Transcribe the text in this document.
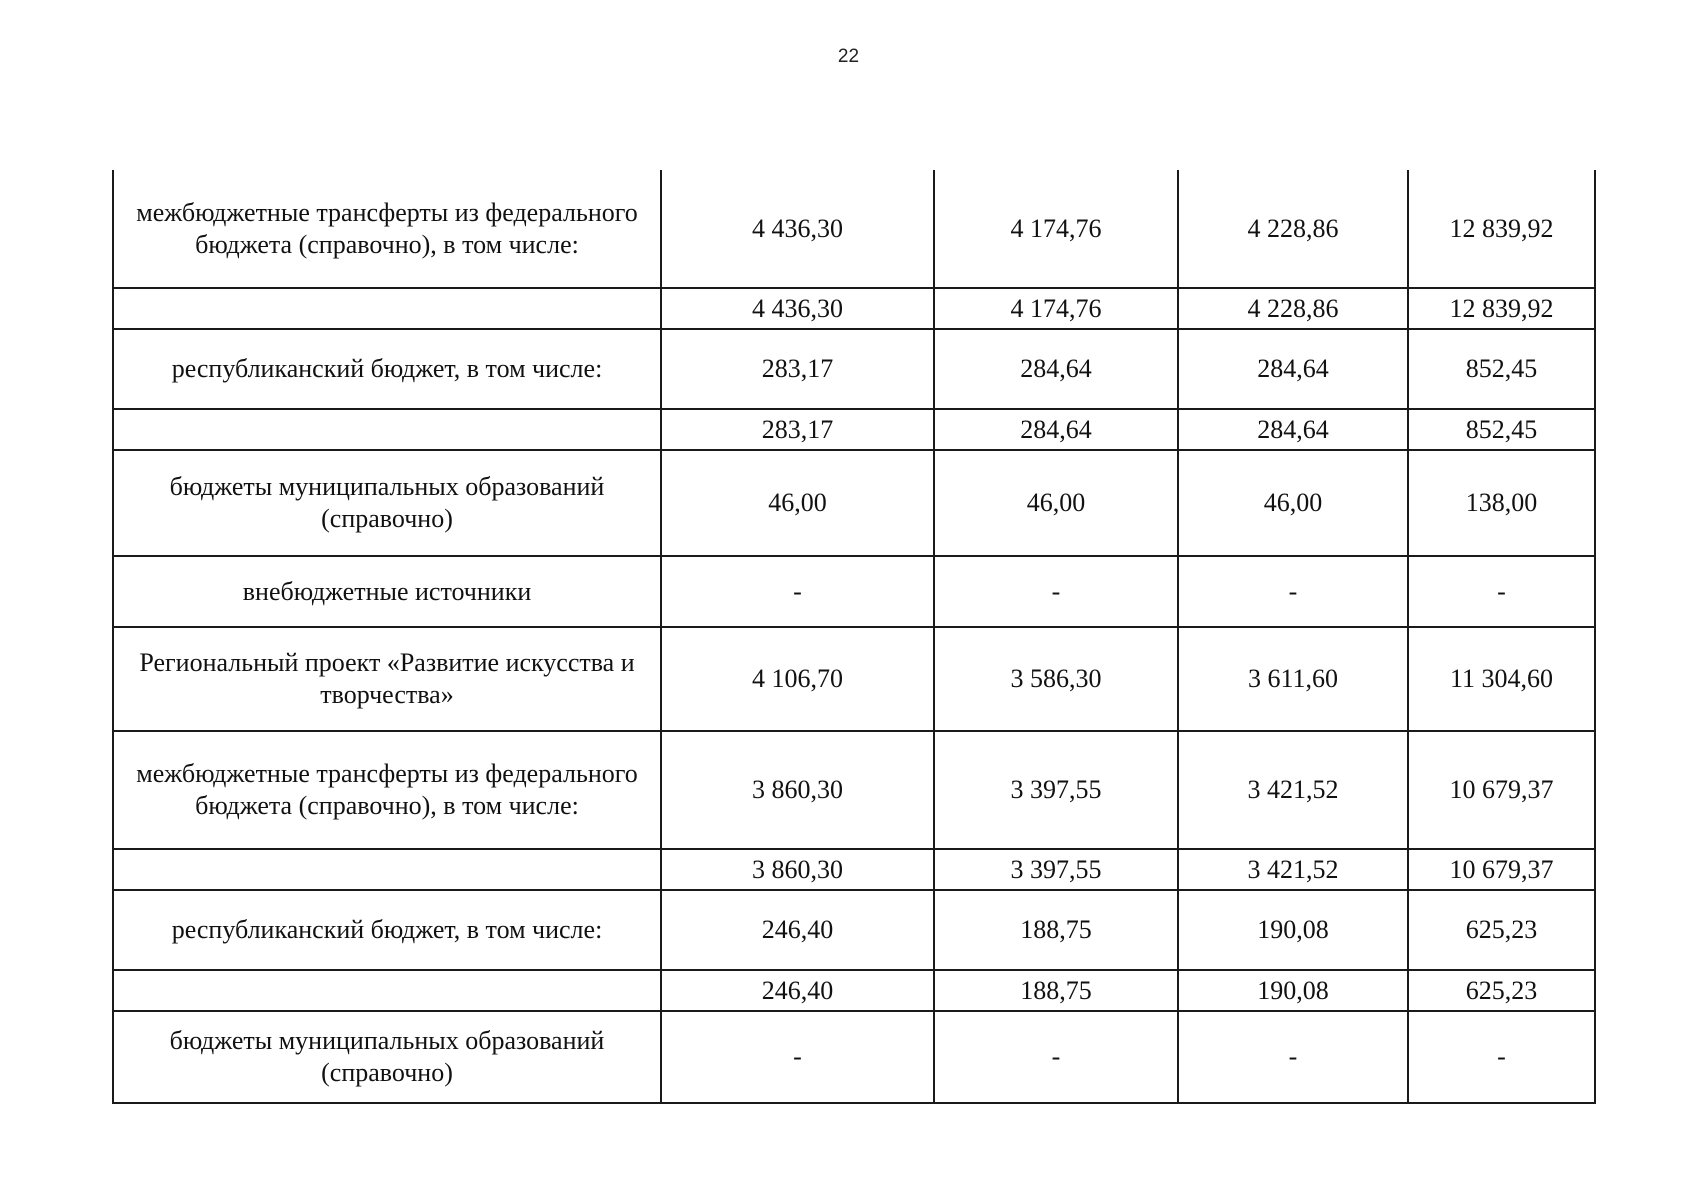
22
межбюджетные трансферты из федерального бюджета (справочно), в том числе:	4 436,30	4 174,76	4 228,86	12 839,92
	4 436,30	4 174,76	4 228,86	12 839,92
республиканский бюджет, в том числе:	283,17	284,64	284,64	852,45
	283,17	284,64	284,64	852,45
бюджеты муниципальных образований (справочно)	46,00	46,00	46,00	138,00
внебюджетные источники	-	-	-	-
Региональный проект «Развитие искусства и творчества»	4 106,70	3 586,30	3 611,60	11 304,60
межбюджетные трансферты из федерального бюджета (справочно), в том числе:	3 860,30	3 397,55	3 421,52	10 679,37
	3 860,30	3 397,55	3 421,52	10 679,37
республиканский бюджет, в том числе:	246,40	188,75	190,08	625,23
	246,40	188,75	190,08	625,23
бюджеты муниципальных образований (справочно)	-	-	-	-
